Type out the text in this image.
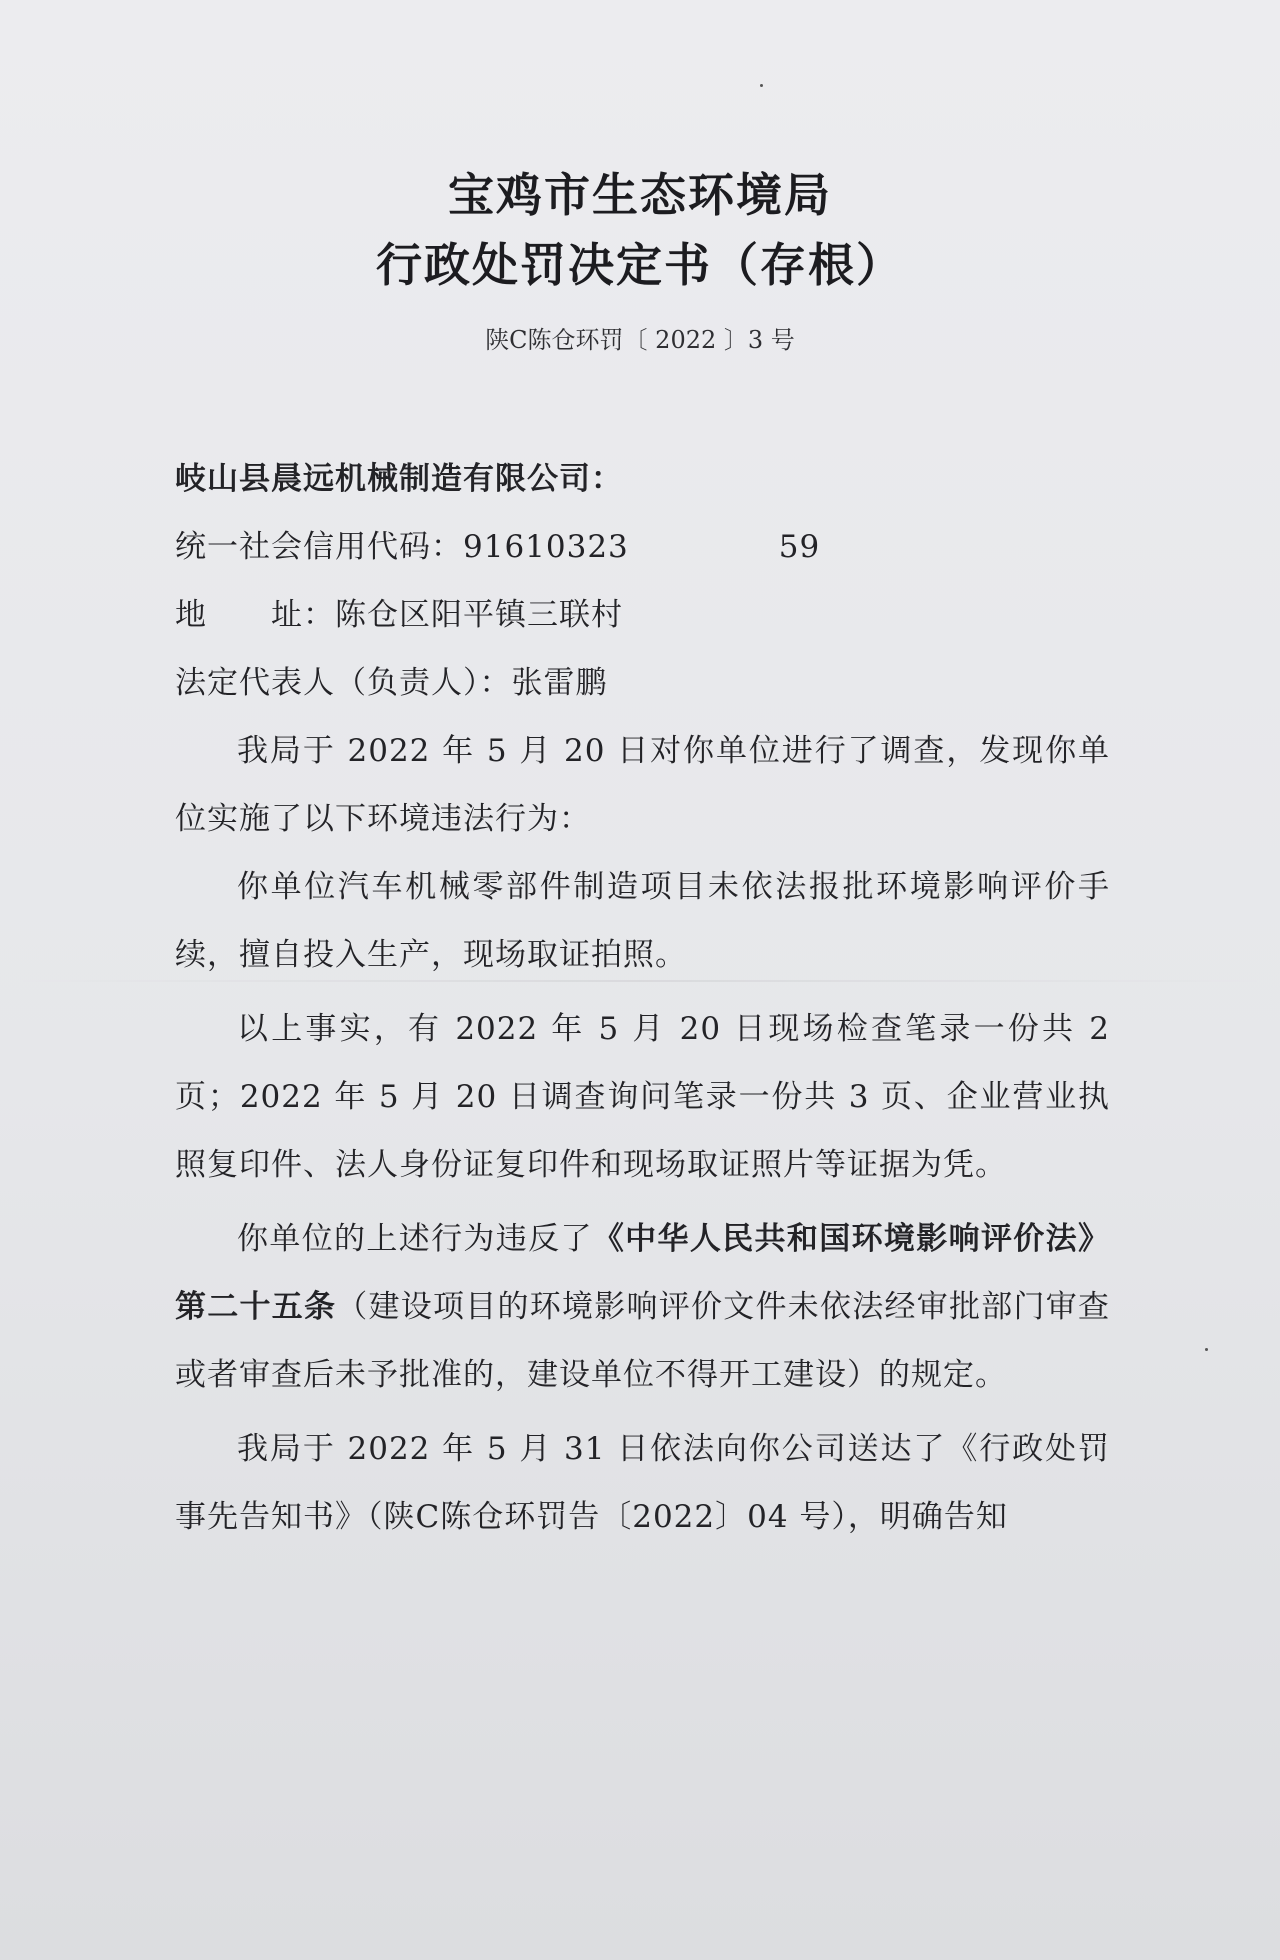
宝鸡市生态环境局
行政处罚决定书（存根）
陕C陈仓环罚〔 2022 〕3 号
岐山县晨远机械制造有限公司：
统一社会信用代码：91610323	59
地　　址：陈仓区阳平镇三联村
法定代表人（负责人）：张雷鹏

我局于 2022 年 5 月 20 日对你单位进行了调查，发现你单位实施了以下环境违法行为：

你单位汽车机械零部件制造项目未依法报批环境影响评价手续，擅自投入生产，现场取证拍照。

以上事实，有 2022 年 5 月 20 日现场检查笔录一份共 2 页；2022 年 5 月 20 日调查询问笔录一份共 3 页、企业营业执照复印件、法人身份证复印件和现场取证照片等证据为凭。

你单位的上述行为违反了《中华人民共和国环境影响评价法》第二十五条（建设项目的环境影响评价文件未依法经审批部门审查或者审查后未予批准的，建设单位不得开工建设）的规定。

我局于 2022 年 5 月 31 日依法向你公司送达了《行政处罚事先告知书》（陕C陈仓环罚告〔2022〕04 号），明确告知
